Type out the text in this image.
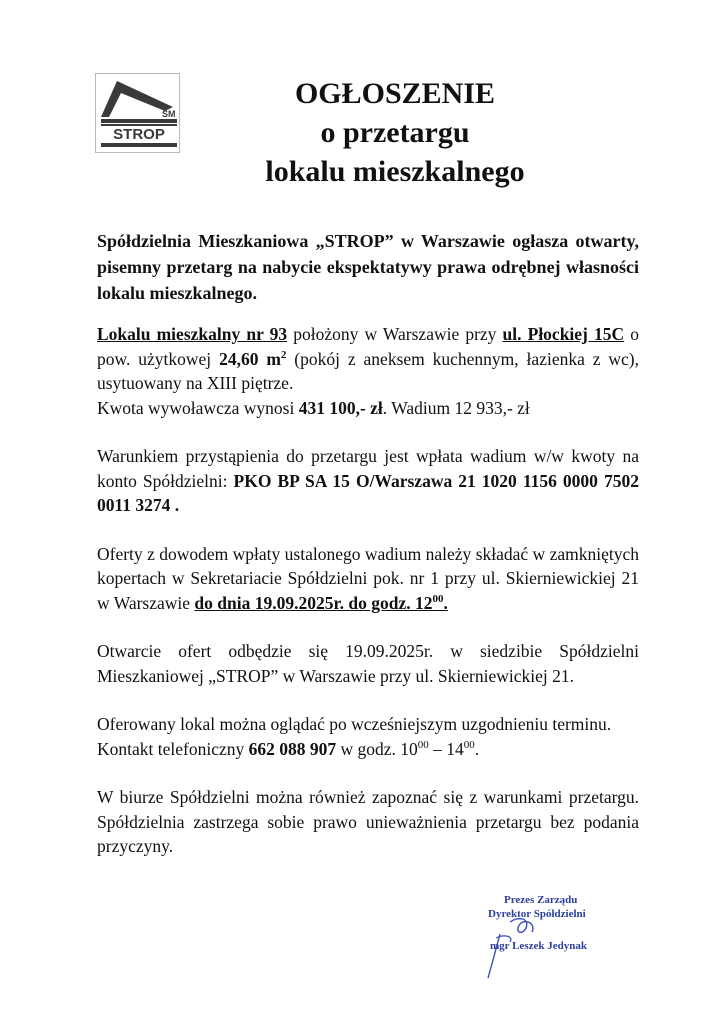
SM
STROP
OGŁOSZENIE
o przetargu
lokalu mieszkalnego

Spółdzielnia Mieszkaniowa „STROP” w Warszawie ogłasza otwarty, pisemny przetarg na nabycie ekspektatywy prawa odrębnej własności lokalu mieszkalnego.

Lokalu mieszkalny nr 93 położony w Warszawie przy ul. Płockiej 15C o pow. użytkowej 24,60 $m^2$ (pokój z aneksem kuchennym, łazienka z wc), usytuowany na XIII piętrze.

Kwota wywoławcza wynosi 431 100,- zł. Wadium 12 933,- zł

Warunkiem przystąpienia do przetargu jest wpłata wadium w/w kwoty na konto Spółdzielni: PKO BP SA 15 O/Warszawa 21 1020 1156 0000 7502 0011 3274 .

Oferty z dowodem wpłaty ustalonego wadium należy składać w zamkniętych kopertach w Sekretariacie Spółdzielni pok. nr 1 przy ul. Skierniewickiej 21 w Warszawie do dnia 19.09.2025r. do godz. $12^{00}$.

Otwarcie ofert odbędzie się 19.09.2025r. w siedzibie Spółdzielni Mieszkaniowej „STROP” w Warszawie przy ul. Skierniewickiej 21.

Oferowany lokal można oglądać po wcześniejszym uzgodnieniu terminu.

Kontakt telefoniczny 662 088 907 w godz. $10^{00} - 14^{00}$.

W biurze Spółdzielni można również zapoznać się z warunkami przetargu. Spółdzielnia zastrzega sobie prawo unieważnienia przetargu bez podania przyczyny.

Prezes Zarządu
Dyrektor Spółdzielni
mgr Leszek Jedynak
